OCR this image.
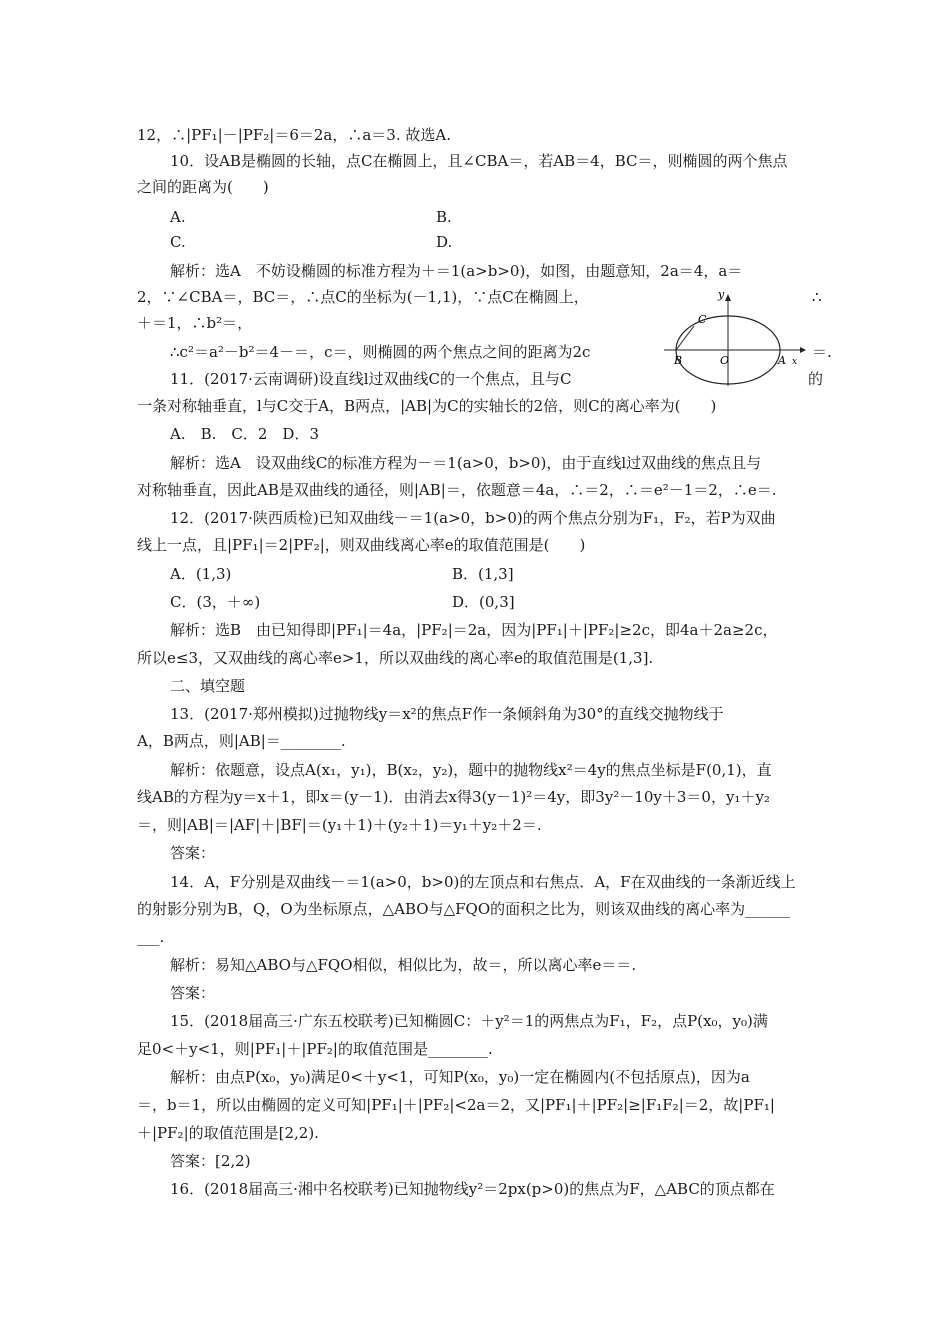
12，∴|PF₁|－|PF₂|＝6＝2a，∴a＝3. 故选A.
10．设AB是椭圆的长轴，点C在椭圆上，且∠CBA＝，若AB＝4，BC＝，则椭圆的两个焦点
之间的距离为(　　)
A.	B.
C.	D.
解析：选A　不妨设椭圆的标准方程为＋＝1(a>b>0)，如图，由题意知，2a＝4，a＝
2，∵∠CBA＝，BC＝，∴点C的坐标为(－1,1)，∵点C在椭圆上，	∴
＋＝1，∴b²＝，
∴c²＝a²－b²＝4－＝，c＝，则椭圆的两个焦点之间的距离为2c	＝.
11．(2017·云南调研)设直线l过双曲线C的一个焦点，且与C	的
一条对称轴垂直，l与C交于A，B两点，|AB|为C的实轴长的2倍，则C的离心率为(　　)
A.　B.　C．2　D．3
解析：选A　设双曲线C的标准方程为－＝1(a>0，b>0)，由于直线l过双曲线的焦点且与
对称轴垂直，因此AB是双曲线的通径，则|AB|＝，依题意＝4a，∴＝2，∴＝e²－1＝2，∴e＝.
12．(2017·陕西质检)已知双曲线－＝1(a>0，b>0)的两个焦点分别为F₁，F₂，若P为双曲
线上一点，且|PF₁|＝2|PF₂|，则双曲线离心率e的取值范围是(　　)
A．(1,3)	B．(1,3]
C．(3，＋∞)	D．(0,3]
解析：选B　由已知得即|PF₁|＝4a，|PF₂|＝2a，因为|PF₁|＋|PF₂|≥2c，即4a＋2a≥2c，
所以e≤3，又双曲线的离心率e>1，所以双曲线的离心率e的取值范围是(1,3].
二、填空题
13．(2017·郑州模拟)过抛物线y＝x²的焦点F作一条倾斜角为30°的直线交抛物线于
A，B两点，则|AB|＝________.
解析：依题意，设点A(x₁，y₁)，B(x₂，y₂)，题中的抛物线x²＝4y的焦点坐标是F(0,1)，直
线AB的方程为y＝x＋1，即x＝(y－1)．由消去x得3(y－1)²＝4y，即3y²－10y＋3＝0，y₁＋y₂
＝，则|AB|＝|AF|＋|BF|＝(y₁＋1)＋(y₂＋1)＝y₁＋y₂＋2＝.
答案：
14．A，F分别是双曲线－＝1(a>0，b>0)的左顶点和右焦点．A，F在双曲线的一条渐近线上
的射影分别为B，Q，O为坐标原点，△ABO与△FQO的面积之比为，则该双曲线的离心率为______
___.
解析：易知△ABO与△FQO相似，相似比为，故＝，所以离心率e＝＝.
答案：
15．(2018届高三·广东五校联考)已知椭圆C：＋y²＝1的两焦点为F₁，F₂，点P(x₀，y₀)满
足0<＋y<1，则|PF₁|＋|PF₂|的取值范围是________.
解析：由点P(x₀，y₀)满足0<＋y<1，可知P(x₀，y₀)一定在椭圆内(不包括原点)，因为a
＝，b＝1，所以由椭圆的定义可知|PF₁|＋|PF₂|<2a＝2，又|PF₁|＋|PF₂|≥|F₁F₂|＝2，故|PF₁|
＋|PF₂|的取值范围是[2,2).
答案：[2,2)
16．(2018届高三·湘中名校联考)已知抛物线y²＝2px(p>0)的焦点为F，△ABC的顶点都在
y
C
B	O	A x
